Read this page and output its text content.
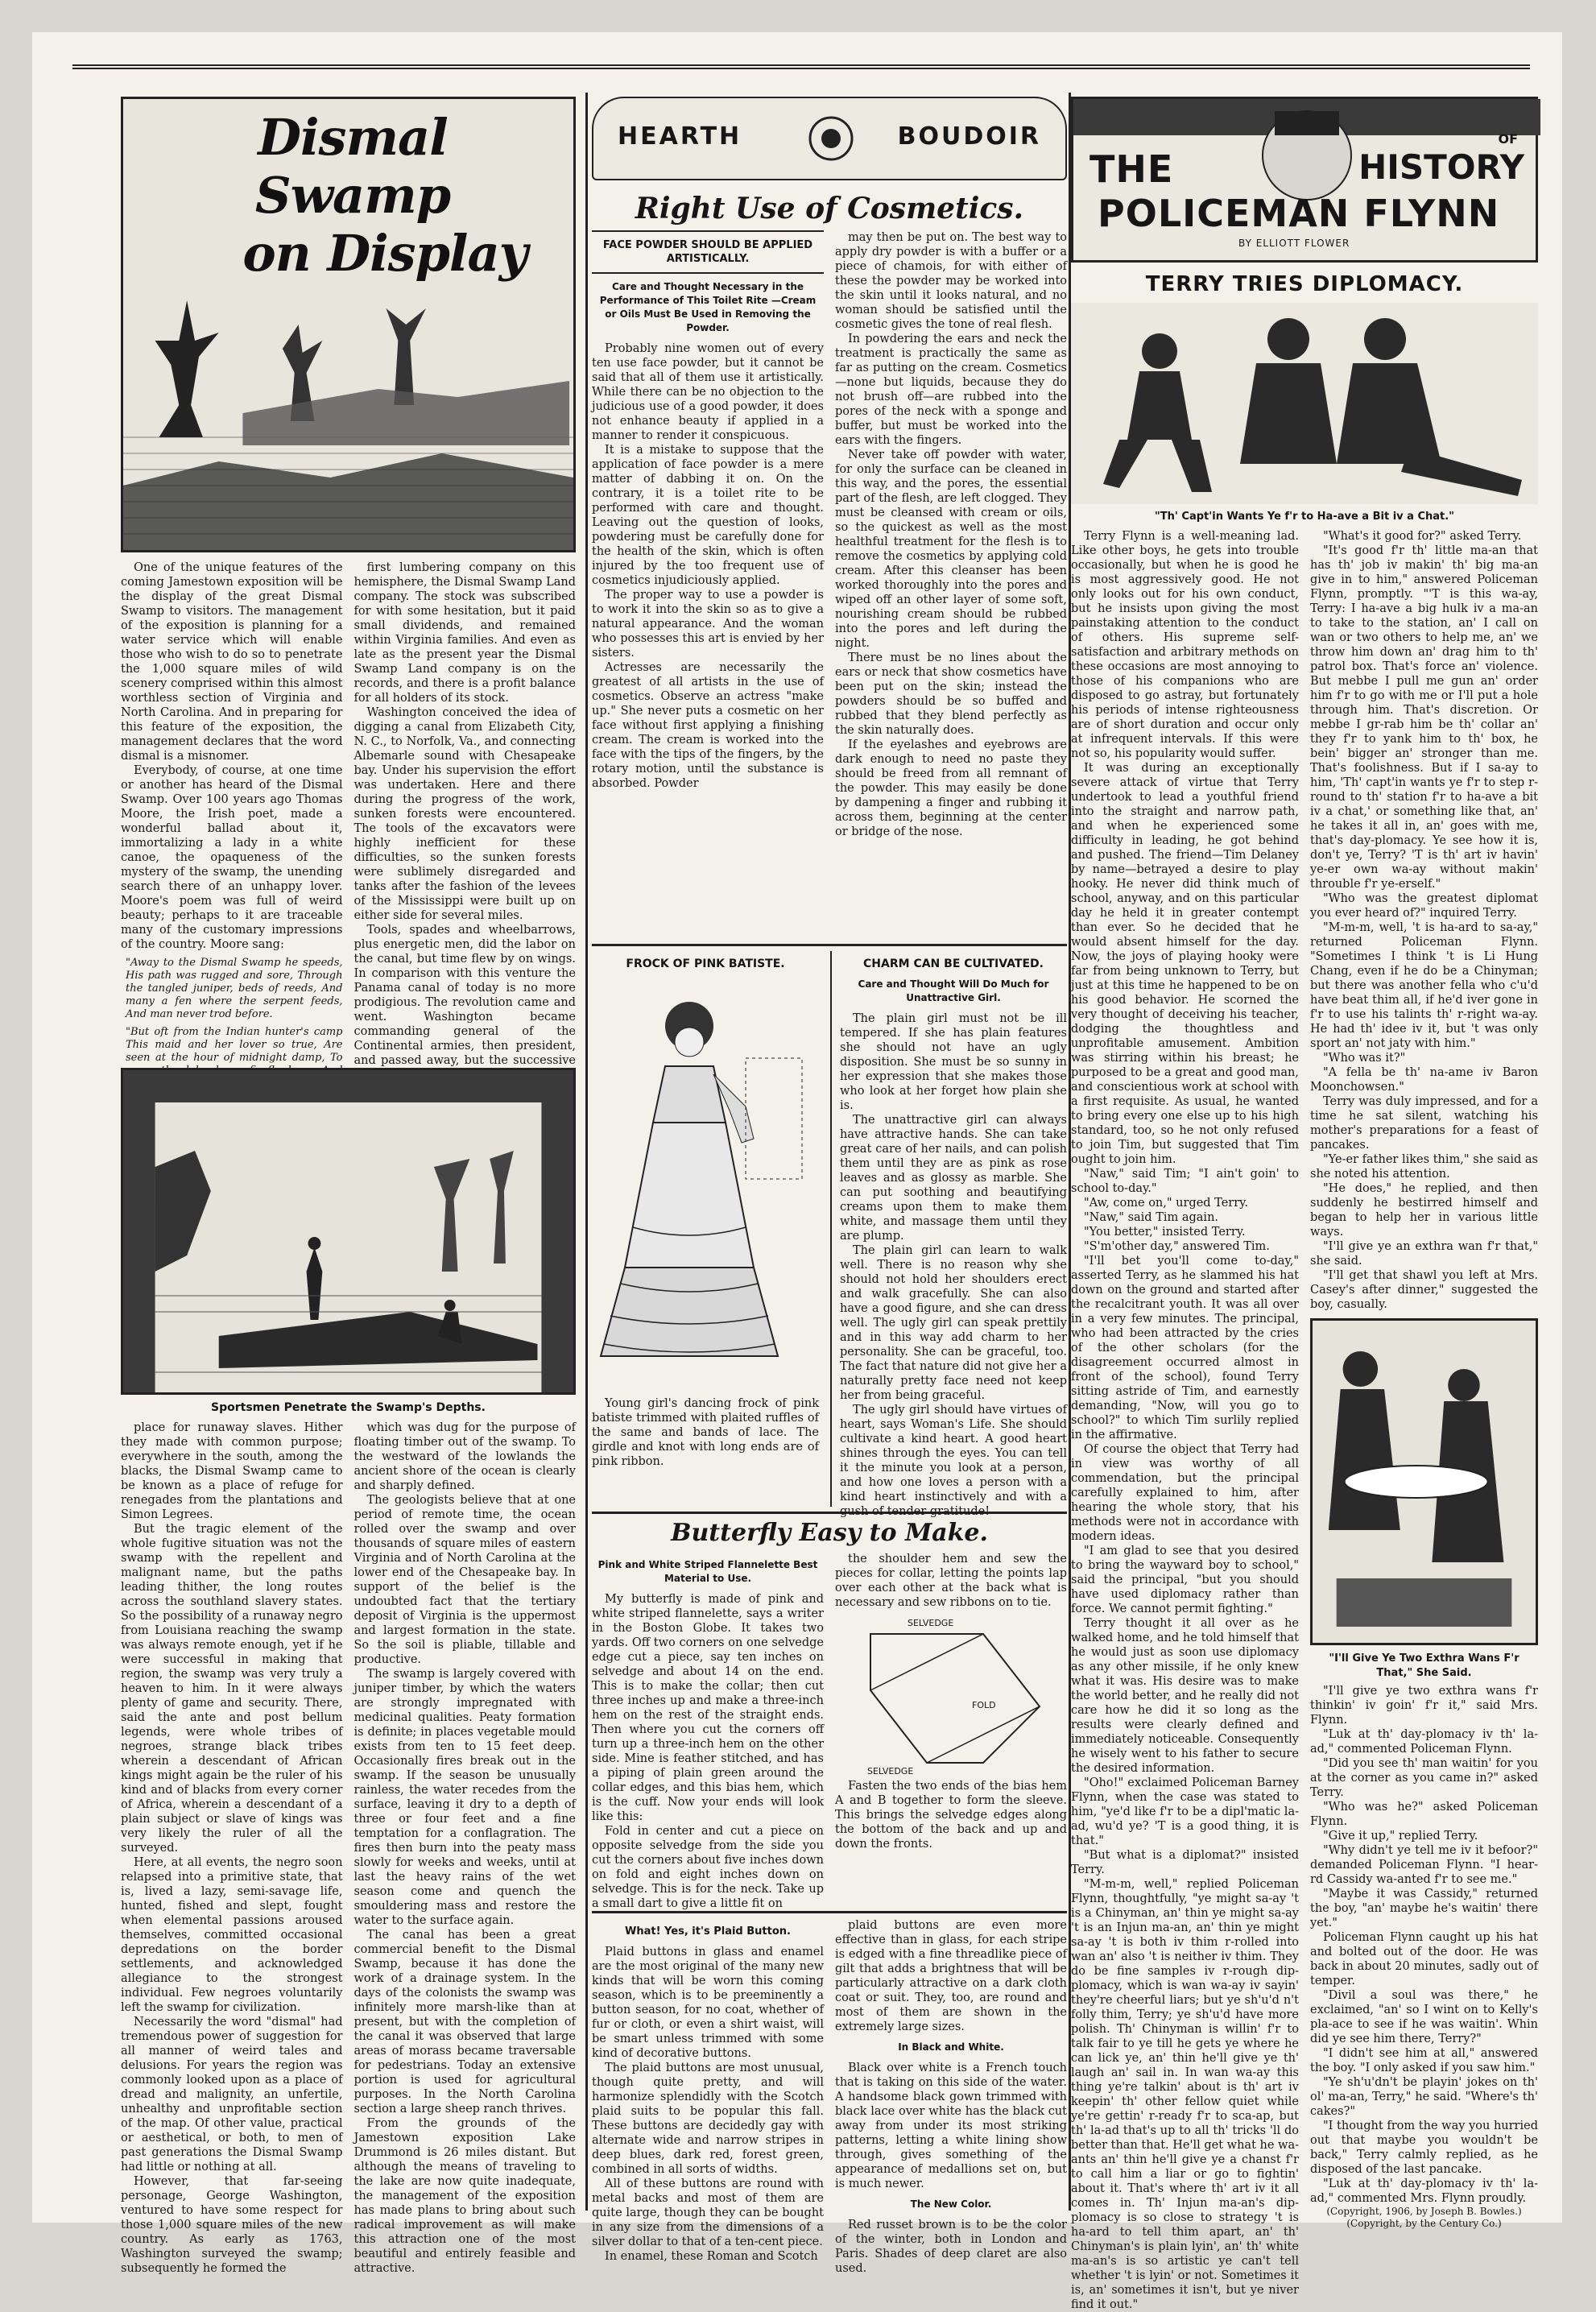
Dismal Swamp
on Display

One of the unique features of the coming Jamestown exposition will be the display of the great Dismal Swamp to visitors. The management of the exposition is planning for a water service which will enable those who wish to do so to penetrate the 1,000 square miles of wild scenery comprised within this almost worthless section of Virginia and North Carolina. And in preparing for this feature of the exposition, the management declares that the word dismal is a misnomer.

Everybody, of course, at one time or another has heard of the Dismal Swamp. Over 100 years ago Thomas Moore, the Irish poet, made a wonderful ballad about it, immortalizing a lady in a white canoe, the opaqueness of the mystery of the swamp, the unending search there of an unhappy lover. Moore's poem was full of weird beauty; perhaps to it are traceable many of the customary impressions of the country. Moore sang:

"Away to the Dismal Swamp he speeds, His path was rugged and sore, Through the tangled juniper, beds of reeds, And many a fen where the serpent feeds, And man never trod before.
"But oft from the Indian hunter's camp This maid and her lover so true, Are seen at the hour of midnight damp, To

first lumbering company on this hemisphere, the Dismal Swamp Land company. The stock was subscribed for with some hesitation, but it paid small dividends, and remained within Virginia families. And even as late as the present year the Dismal Swamp Land company is on the records, and there is a profit balance for all holders of its stock.

Washington conceived the idea of digging a canal from Elizabeth City, N. C., to Norfolk, Va., and connecting Albemarle sound with Chesapeake bay. Under his supervision the effort was undertaken. Here and there during the progress of the work, sunken forests were encountered. The tools of the excavators were highly inefficient for these difficulties, so the sunken forests were sublimely disregarded and tanks after the fashion of the levees of the Mississippi were built up on either side for several miles.

Tools, spades and wheelbarrows, plus energetic men, did the labor on the canal, but time flew by on wings. In comparison with this venture the Panama canal of today is no more prodigious. The revolution came and went. Washington became commanding general of the Continental armies, then president, and passed away, but the successive

Sportsmen Penetrate the Swamp's Depths.

place for runaway slaves. Hither they made with common purpose; everywhere in the south, among the blacks, the Dismal Swamp came to be known as a place of refuge for renegades from the plantations and Simon Legrees.

But the tragic element of the whole fugitive situation was not the swamp with the repellent and malignant name, but the paths leading thither, the long routes across the southland slavery states. So the possibility of a runaway negro from Louisiana reaching the swamp was always remote enough, yet if he were successful in making that region, the swamp was very truly a heaven to him. In it were always plenty of game and security. There, said the ante and post bellum legends, were whole tribes of negroes, strange black tribes wherein a descendant of African kings might again be the ruler of his kind and of blacks from every corner of Africa, wherein a descendant of a plain subject or slave of kings was very likely the ruler of all the surveyed.

Here, at all events, the negro soon relapsed into a primitive state, that is, lived a lazy, semi-savage life, hunted, fished and slept, fought when elemental passions aroused themselves, committed occasional depredations on the border settlements, and acknowledged allegiance to the strongest individual. Few negroes voluntarily left the swamp for civilization.

Necessarily the word "dismal" had tremendous power of suggestion for all manner of weird tales and delusions. For years the region was commonly looked upon as a place of dread and malignity, an unfertile, unhealthy and unprofitable section of the map. Of other value, practical or aesthetical, or both, to men of past generations the Dismal Swamp had little or nothing at all.

However, that far-seeing personage, George Washington, ventured to have some respect for those 1,000 square miles of the new country. As early as 1763, Washington surveyed the swamp; subsequently he formed the

which was dug for the purpose of floating timber out of the swamp. To the westward of the lowlands the ancient shore of the ocean is clearly and sharply defined.

The geologists believe that at one period of remote time, the ocean rolled over the swamp and over thousands of square miles of eastern Virginia and of North Carolina at the lower end of the Chesapeake bay. In support of the belief is the undoubted fact that the tertiary deposit of Virginia is the uppermost and largest formation in the state. So the soil is pliable, tillable and productive.

The swamp is largely covered with juniper timber, by which the waters are strongly impregnated with medicinal qualities. Peaty formation is definite; in places vegetable mould exists from ten to 15 feet deep. Occasionally fires break out in the swamp. If the season be unusually rainless, the water recedes from the surface, leaving it dry to a depth of three or four feet and a fine temptation for a conflagration. The fires then burn into the peaty mass slowly for weeks and weeks, until at last the heavy rains of the wet season come and quench the smouldering mass and restore the water to the surface again.

The canal has been a great commercial benefit to the Dismal Swamp, because it has done the work of a drainage system. In the days of the colonists the swamp was infinitely more marsh-like than at present, but with the completion of the canal it was observed that large areas of morass became traversable for pedestrians. Today an extensive portion is used for agricultural purposes. In the North Carolina section a large sheep ranch thrives.

From the grounds of the Jamestown exposition Lake Drummond is 26 miles distant. But although the means of traveling to the lake are now quite inadequate, the management of the exposition has made plans to bring about such radical improvement as will make this attraction one of the most beautiful and entirely feasible and attractive.

HEARTH	BOUDOIR
Right Use of Cosmetics.
FACE POWDER SHOULD BE APPLIED ARTISTICALLY.
Care and Thought Necessary in the Performance of This Toilet Rite —Cream or Oils Must Be Used in Removing the Powder.

Probably nine women out of every ten use face powder, but it cannot be said that all of them use it artistically. While there can be no objection to the judicious use of a good powder, it does not enhance beauty if applied in a manner to render it conspicuous.

It is a mistake to suppose that the application of face powder is a mere matter of dabbing it on. On the contrary, it is a toilet rite to be performed with care and thought. Leaving out the question of looks, powdering must be carefully done for the health of the skin, which is often injured by the too frequent use of cosmetics injudiciously applied.

The proper way to use a powder is to work it into the skin so as to give a natural appearance. And the woman who possesses this art is envied by her sisters.

Actresses are necessarily the greatest of all artists in the use of cosmetics. Observe an actress "make up." She never puts a cosmetic on her face without first applying a finishing cream. The cream is worked into the face with the tips of the fingers, by the rotary motion, until the substance is absorbed. Powder

may then be put on. The best way to apply dry powder is with a buffer or a piece of chamois, for with either of these the powder may be worked into the skin until it looks natural, and no woman should be satisfied until the cosmetic gives the tone of real flesh.

In powdering the ears and neck the treatment is practically the same as far as putting on the cream. Cosmetics—none but liquids, because they do not brush off—are rubbed into the pores of the neck with a sponge and buffer, but must be worked into the ears with the fingers.

Never take off powder with water, for only the surface can be cleaned in this way, and the pores, the essential part of the flesh, are left clogged. They must be cleansed with cream or oils, so the quickest as well as the most healthful treatment for the flesh is to remove the cosmetics by applying cold cream. After this cleanser has been worked thoroughly into the pores and wiped off an other layer of some soft, nourishing cream should be rubbed into the pores and left during the night.

There must be no lines about the ears or neck that show cosmetics have been put on the skin; instead the powders should be so buffed and rubbed that they blend perfectly as the skin naturally does.

If the eyelashes and eyebrows are dark enough to need no paste they should be freed from all remnant of the powder. This may easily be done by dampening a finger and rubbing it across them, beginning at the center or bridge of the nose.

FROCK OF PINK BATISTE.

Young girl's dancing frock of pink batiste trimmed with plaited ruffles of the same and bands of lace. The girdle and knot with long ends are of pink ribbon.

CHARM CAN BE CULTIVATED.
Care and Thought Will Do Much for Unattractive Girl.

The plain girl must not be ill tempered. If she has plain features she should not have an ugly disposition. She must be so sunny in her expression that she makes those who look at her forget how plain she is.

The unattractive girl can always have attractive hands. She can take great care of her nails, and can polish them until they are as pink as rose leaves and as glossy as marble. She can put soothing and beautifying creams upon them to make them white, and massage them until they are plump.

The plain girl can learn to walk well. There is no reason why she should not hold her shoulders erect and walk gracefully. She can also have a good figure, and she can dress well. The ugly girl can speak prettily and in this way add charm to her personality. She can be graceful, too. The fact that nature did not give her a naturally pretty face need not keep her from being graceful.

The ugly girl should have virtues of heart, says Woman's Life. She should cultivate a kind heart. A good heart shines through the eyes. You can tell it the minute you look at a person, and how one loves a person with a kind heart instinctively and with a gush of tender gratitude!

Butterfly Easy to Make.
Pink and White Striped Flannelette Best Material to Use.

My butterfly is made of pink and white striped flannelette, says a writer in the Boston Globe. It takes two yards. Off two corners on one selvedge edge cut a piece, say ten inches on selvedge and about 14 on the end. This is to make the collar; then cut three inches up and make a three-inch hem on the rest of the straight ends. Then where you cut the corners off turn up a three-inch hem on the other side. Mine is feather stitched, and has a piping of plain green around the collar edges, and this bias hem, which is the cuff. Now your ends will look like this:

Fold in center and cut a piece on opposite selvedge from the side you cut the corners about five inches down on fold and eight inches down on selvedge. This is for the neck. Take up a small dart to give a little fit on

the shoulder hem and sew the pieces for collar, letting the points lap over each other at the back what is necessary and sew ribbons on to tie.

SELVEDGE
FOLD
SELVEDGE

Fasten the two ends of the bias hem A and B together to form the sleeve. This brings the selvedge edges along the bottom of the back and up and down the fronts.

What! Yes, it's Plaid Button.

Plaid buttons in glass and enamel are the most original of the many new kinds that will be worn this coming season, which is to be preeminently a button season, for no coat, whether of fur or cloth, or even a shirt waist, will be smart unless trimmed with some kind of decorative buttons.

The plaid buttons are most unusual, though quite pretty, and will harmonize splendidly with the Scotch plaid suits to be popular this fall. These buttons are decidedly gay with alternate wide and narrow stripes in deep blues, dark red, forest green, combined in all sorts of widths.

All of these buttons are round with metal backs and most of them are quite large, though they can be bought in any size from the dimensions of a silver dollar to that of a ten-cent piece.

In enamel, these Roman and Scotch

plaid buttons are even more effective than in glass, for each stripe is edged with a fine threadlike piece of gilt that adds a brightness that will be particularly attractive on a dark cloth coat or suit. They, too, are round and most of them are shown in the extremely large sizes.

In Black and White.

Black over white is a French touch that is taking on this side of the water. A handsome black gown trimmed with black lace over white has the black cut away from under its most striking patterns, letting a white lining show through, gives something of the appearance of medallions set on, but is much newer.

The New Color.

Red russet brown is to be the color of the winter, both in London and Paris. Shades of deep claret are also used.

THE
OF
HISTORY
POLICEMAN FLYNN
BY ELLIOTT FLOWER
TERRY TRIES DIPLOMACY.
"Th' Capt'in Wants Ye f'r to Ha-ave a Bit iv a Chat."

Terry Flynn is a well-meaning lad. Like other boys, he gets into trouble occasionally, but when he is good he is most aggressively good. He not only looks out for his own conduct, but he insists upon giving the most painstaking attention to the conduct of others. His supreme self-satisfaction and arbitrary methods on these occasions are most annoying to those of his companions who are disposed to go astray, but fortunately his periods of intense righteousness are of short duration and occur only at infrequent intervals. If this were not so, his popularity would suffer.

It was during an exceptionally severe attack of virtue that Terry undertook to lead a youthful friend into the straight and narrow path, and when he experienced some difficulty in leading, he got behind and pushed. The friend—Tim Delaney by name—betrayed a desire to play hooky. He never did think much of school, anyway, and on this particular day he held it in greater contempt than ever. So he decided that he would absent himself for the day. Now, the joys of playing hooky were far from being unknown to Terry, but just at this time he happened to be on his good behavior. He scorned the very thought of deceiving his teacher, dodging the thoughtless and unprofitable amusement. Ambition was stirring within his breast; he purposed to be a great and good man, and conscientious work at school with a first requisite. As usual, he wanted to bring every one else up to his high standard, too, so he not only refused to join Tim, but suggested that Tim ought to join him.

"Naw," said Tim; "I ain't goin' to school to-day."

"Aw, come on," urged Terry.

"Naw," said Tim again.

"You better," insisted Terry.

"S'm'other day," answered Tim.

"I'll bet you'll come to-day," asserted Terry, as he slammed his hat down on the ground and started after the recalcitrant youth. It was all over in a very few minutes. The principal, who had been attracted by the cries of the other scholars (for the disagreement occurred almost in front of the school), found Terry sitting astride of Tim, and earnestly demanding, "Now, will you go to school?" to which Tim surlily replied in the affirmative.

Of course the object that Terry had in view was worthy of all commendation, but the principal carefully explained to him, after hearing the whole story, that his methods were not in accordance with modern ideas.

"I am glad to see that you desired to bring the wayward boy to school," said the principal, "but you should have used diplomacy rather than force. We cannot permit fighting."

Terry thought it all over as he walked home, and he told himself that he would just as soon use diplomacy as any other missile, if he only knew what it was. His desire was to make the world better, and he really did not care how he did it so long as the results were clearly defined and immediately noticeable. Consequently he wisely went to his father to secure the desired information.

"Oho!" exclaimed Policeman Barney Flynn, when the case was stated to him, "ye'd like f'r to be a dipl'matic la-ad, wu'd ye? 'T is a good thing, it is that."

"But what is a diplomat?" insisted Terry.

"M-m-m, well," replied Policeman Flynn, thoughtfully, "ye might sa-ay 't is a Chinyman, an' thin ye might sa-ay 't is an Injun ma-an, an' thin ye might sa-ay 't is both iv thim r-rolled into wan an' also 't is neither iv thim. They do be fine samples iv r-rough dip-plomacy, which is wan wa-ay iv sayin' they're cheerful liars; but ye sh'u'd n't folly thim, Terry; ye sh'u'd have more polish. Th' Chinyman is willin' f'r to talk fair to ye till he gets ye where he can lick ye, an' thin he'll give ye th' laugh an' sail in. In wan wa-ay this thing ye're talkin' about is th' art iv keepin' th' other fellow quiet while ye're gettin' r-ready f'r to sca-ap, but th' la-ad that's up to all th' tricks 'll do better than that. He'll get what he wa-ants an' thin he'll give ye a chanst f'r to call him a liar or go to fightin' about it. That's where th' art iv it all comes in. Th' Injun ma-an's dip-plomacy is so close to strategy 't is ha-ard to tell thim apart, an' th' Chinyman's is plain lyin', an' th' white ma-an's is so artistic ye can't tell whether 't is lyin' or not. Sometimes it is, an' sometimes it isn't, but ye niver find it out."

"What's it good for?" asked Terry.

"It's good f'r th' little ma-an that has th' job iv makin' th' big ma-an give in to him," answered Policeman Flynn, promptly. "'T is this wa-ay, Terry: I ha-ave a big hulk iv a ma-an to take to the station, an' I call on wan or two others to help me, an' we throw him down an' drag him to th' patrol box. That's force an' violence. But mebbe I pull me gun an' order him f'r to go with me or I'll put a hole through him. That's discretion. Or mebbe I gr-rab him be th' collar an' they f'r to yank him to th' box, he bein' bigger an' stronger than me. That's foolishness. But if I sa-ay to him, 'Th' capt'in wants ye f'r to step r-round to th' station f'r to ha-ave a bit iv a chat,' or something like that, an' he takes it all in, an' goes with me, that's day-plomacy. Ye see how it is, don't ye, Terry? 'T is th' art iv havin' ye-er own wa-ay without makin' throuble f'r ye-erself."

"Who was the greatest diplomat you ever heard of?" inquired Terry.

"M-m-m, well, 't is ha-ard to sa-ay," returned Policeman Flynn. "Sometimes I think 't is Li Hung Chang, even if he do be a Chinyman; but there was another fella who c'u'd have beat thim all, if he'd iver gone in f'r to use his talints th' r-right wa-ay. He had th' idee iv it, but 't was only sport an' not jaty with him."

"Who was it?"

"A fella be th' na-ame iv Baron Moonchowsen."

Terry was duly impressed, and for a time he sat silent, watching his mother's preparations for a feast of pancakes.

"Ye-er father likes thim," she said as she noted his attention.

"He does," he replied, and then suddenly he bestirred himself and began to help her in various little ways.

"I'll give ye an exthra wan f'r that," she said.

"I'll get that shawl you left at Mrs. Casey's after dinner," suggested the boy, casually.

"I'll Give Ye Two Exthra Wans F'r That," She Said.

"I'll give ye two exthra wans f'r thinkin' iv goin' f'r it," said Mrs. Flynn.

"Luk at th' day-plomacy iv th' la-ad," commented Policeman Flynn.

"Did you see th' man waitin' for you at the corner as you came in?" asked Terry.

"Who was he?" asked Policeman Flynn.

"Give it up," replied Terry.

"Why didn't ye tell me iv it befoor?" demanded Policeman Flynn. "I hear-rd Cassidy wa-anted f'r to see me."

"Maybe it was Cassidy," returned the boy, "an' maybe he's waitin' there yet."

Policeman Flynn caught up his hat and bolted out of the door. He was back in about 20 minutes, sadly out of temper.

"Divil a soul was there," he exclaimed, "an' so I wint on to Kelly's pla-ace to see if he was waitin'. Whin did ye see him there, Terry?"

"I didn't see him at all," answered the boy. "I only asked if you saw him."

"Ye sh'u'dn't be playin' jokes on th' ol' ma-an, Terry," he said. "Where's th' cakes?"

"I thought from the way you hurried out that maybe you wouldn't be back," Terry calmly replied, as he disposed of the last pancake.

"Luk at th' day-plomacy iv th' la-ad," commented Mrs. Flynn proudly.

(Copyright, 1906, by Joseph B. Bowles.)
(Copyright, by the Century Co.)
